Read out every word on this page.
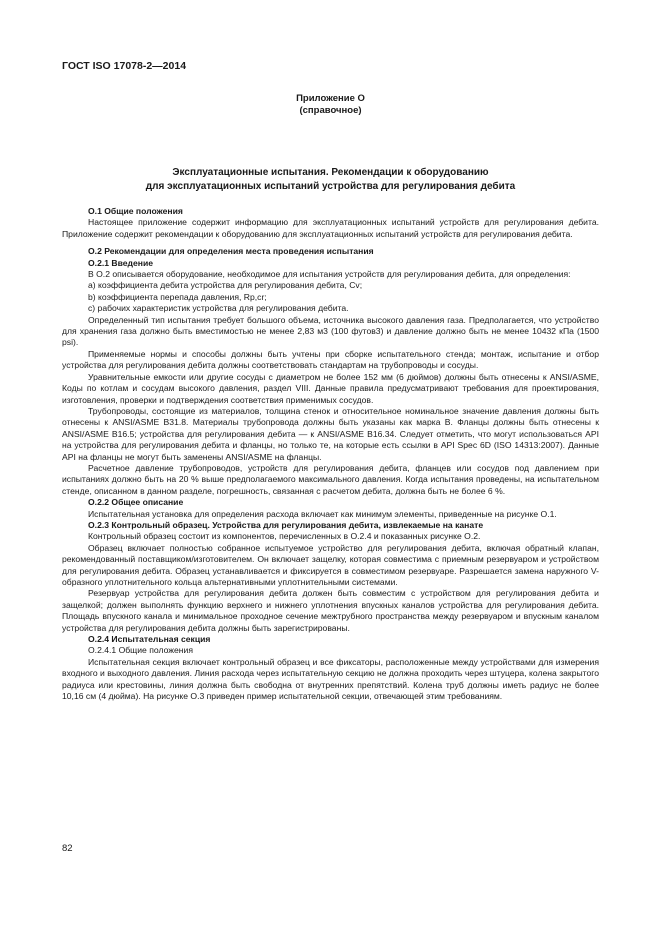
ГОСТ ISO 17078-2—2014
Приложение О
(справочное)
Эксплуатационные испытания. Рекомендации к оборудованию
для эксплуатационных испытаний устройства для регулирования дебита

О.1 Общие положения

Настоящее приложение содержит информацию для эксплуатационных испытаний устройств для регулирования дебита. Приложение содержит рекомендации к оборудованию для эксплуатационных испытаний устройств для регулирования дебита.

О.2 Рекомендации для определения места проведения испытания

О.2.1 Введение

В О.2 описывается оборудование, необходимое для испытания устройств для регулирования дебита, для определения:

а) коэффициента дебита устройства для регулирования дебита, Cv;

b) коэффициента перепада давления, Rp,cr;

c) рабочих характеристик устройства для регулирования дебита.

Определенный тип испытания требует большого объема, источника высокого давления газа. Предполагается, что устройство для хранения газа должно быть вместимостью не менее 2,83 м3 (100 футов3) и давление должно быть не менее 10432 кПа (1500 psi).

Применяемые нормы и способы должны быть учтены при сборке испытательного стенда; монтаж, испытание и отбор устройства для регулирования дебита должны соответствовать стандартам на трубопроводы и сосуды.

Уравнительные емкости или другие сосуды с диаметром не более 152 мм (6 дюймов) должны быть отнесены к ANSI/ASME, Коды по котлам и сосудам высокого давления, раздел VIII. Данные правила предусматривают требования для проектирования, изготовления, проверки и подтверждения соответствия применимых сосудов.

Трубопроводы, состоящие из материалов, толщина стенок и относительное номинальное значение давления должны быть отнесены к ANSI/ASME B31.8. Материалы трубопровода должны быть указаны как марка В. Фланцы должны быть отнесены к ANSI/ASME B16.5; устройства для регулирования дебита — к ANSI/ASME B16.34. Следует отметить, что могут использоваться API на устройства для регулирования дебита и фланцы, но только те, на которые есть ссылки в API Spec 6D (ISO 14313:2007). Данные API на фланцы не могут быть заменены ANSI/ASME на фланцы.

Расчетное давление трубопроводов, устройств для регулирования дебита, фланцев или сосудов под давлением при испытаниях должно быть на 20 % выше предполагаемого максимального давления. Когда испытания проведены, на испытательном стенде, описанном в данном разделе, погрешность, связанная с расчетом дебита, должна быть не более 6 %.

О.2.2 Общее описание

Испытательная установка для определения расхода включает как минимум элементы, приведенные на рисунке О.1.

О.2.3 Контрольный образец. Устройства для регулирования дебита, извлекаемые на канате

Контрольный образец состоит из компонентов, перечисленных в О.2.4 и показанных рисунке О.2.

Образец включает полностью собранное испытуемое устройство для регулирования дебита, включая обратный клапан, рекомендованный поставщиком/изготовителем. Он включает защелку, которая совместима с приемным резервуаром и устройством для регулирования дебита. Образец устанавливается и фиксируется в совместимом резервуаре. Разрешается замена наружного V-образного уплотнительного кольца альтернативными уплотнительными системами.

Резервуар устройства для регулирования дебита должен быть совместим с устройством для регулирования дебита и защелкой; должен выполнять функцию верхнего и нижнего уплотнения впускных каналов устройства для регулирования дебита. Площадь впускного канала и минимальное проходное сечение межтрубного пространства между резервуаром и впускным каналом устройства для регулирования дебита должны быть зарегистрированы.

О.2.4 Испытательная секция

О.2.4.1 Общие положения

Испытательная секция включает контрольный образец и все фиксаторы, расположенные между устройствами для измерения входного и выходного давления. Линия расхода через испытательную секцию не должна проходить через штуцера, колена закрытого радиуса или крестовины, линия должна быть свободна от внутренних препятствий. Колена труб должны иметь радиус не более 10,16 см (4 дюйма). На рисунке О.3 приведен пример испытательной секции, отвечающей этим требованиям.

82
